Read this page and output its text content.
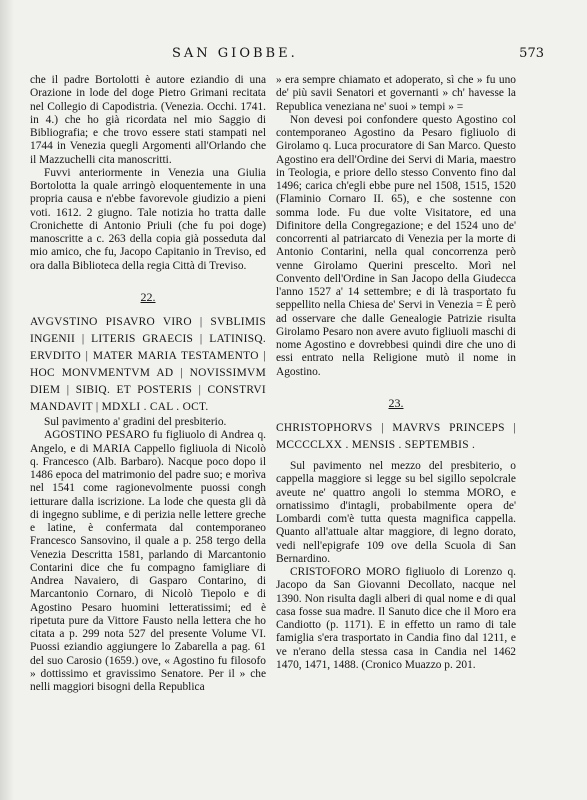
SAN GIOBBE.	573

che il padre Bortolotti è autore eziandio di una Orazione in lode del doge Pietro Grimani recitata nel Collegio di Capodistria. (Venezia. Occhi. 1741. in 4.) che ho già ricordata nel mio Saggio di Bibliografia; e che trovo essere stati stampati nel 1744 in Venezia quegli Argomenti all'Orlando che il Mazzuchelli cita manoscritti.

Fuvvi anteriormente in Venezia una Giulia Bortolotta la quale arringò eloquentemente in una propria causa e n'ebbe favorevole giudizio a pieni voti. 1612. 2 giugno. Tale notizia ho tratta dalle Cronichette di Antonio Priuli (che fu poi doge) manoscritte a c. 263 della copia già posseduta dal mio amico, che fu, Jacopo Capitanio in Treviso, ed ora dalla Biblioteca della regia Città di Treviso.

22.

AVGVSTINO PISAVRO VIRO | SVBLIMIS INGENII | LITERIS GRAECIS | LATINISQ. ERVDITO | MATER MARIA TESTAMENTO | HOC MONVMENTVM AD | NOVISSIMVM DIEM | SIBIQ. ET POSTERIS | CONSTRVI MANDAVIT | MDXLI . CAL . OCT.

Sul pavimento a' gradini del presbiterio.

AGOSTINO PESARO fu figliuolo di Andrea q. Angelo, e di MARIA Cappello figliuola di Nicolò q. Francesco (Alb. Barbaro). Nacque poco dopo il 1486 epoca del matrimonio del padre suo; e morìva nel 1541 come ragionevolmente puossi congh ietturare dalla iscrizione. La lode che questa gli dà di ingegno sublime, e di perizia nelle lettere greche e latine, è confermata dal contemporaneo Francesco Sansovino, il quale a p. 258 tergo della Venezia Descritta 1581, parlando di Marcantonio Contarini dice che fu compagno famigliare di Andrea Navaiero, di Gasparo Contarino, di Marcantonio Cornaro, di Nicolò Tiepolo e di Agostino Pesaro huomini letteratissimi; ed è ripetuta pure da Vittore Fausto nella lettera che ho citata a p. 299 nota 527 del presente Volume VI. Puossi eziandio aggiungere lo Zabarella a pag. 61 del suo Carosio (1659.) ove, « Agostino fu filosofo » dottissimo et gravissimo Senatore. Per il » che nelli maggiori bisogni della Republica

» era sempre chiamato et adoperato, sì che » fu uno de' più savii Senatori et governanti » ch' havesse la Republica veneziana ne' suoi » tempi » =

Non devesi poi confondere questo Agostino col contemporaneo Agostino da Pesaro figliuolo di Girolamo q. Luca procuratore di San Marco. Questo Agostino era dell'Ordine dei Servi di Maria, maestro in Teologia, e priore dello stesso Convento fino dal 1496; carica ch'egli ebbe pure nel 1508, 1515, 1520 (Flaminio Cornaro II. 65), e che sostenne con somma lode. Fu due volte Visitatore, ed una Difinitore della Congregazione; e del 1524 uno de' concorrenti al patriarcato di Venezia per la morte di Antonio Contarini, nella qual concorrenza però venne Girolamo Querini prescelto. Morì nel Convento dell'Ordine in San Jacopo della Giudecca l'anno 1527 a' 14 settembre; e di là trasportato fu seppellito nella Chiesa de' Servi in Venezia = È però ad osservare che dalle Genealogie Patrizie risulta Girolamo Pesaro non avere avuto figliuoli maschi di nome Agostino e dovrebbesi quindi dire che uno di essi entrato nella Religione mutò il nome in Agostino.

23.

CHRISTOPHORVS | MAVRVS PRINCEPS | MCCCCLXX . MENSIS . SEPTEMBIS .

Sul pavimento nel mezzo del presbiterio, o cappella maggiore si legge su bel sigillo sepolcrale aveute ne' quattro angoli lo stemma MORO, e ornatissimo d'intagli, probabilmente opera de' Lombardi com'è tutta questa magnifica cappella. Quanto all'attuale altar maggiore, di legno dorato, vedi nell'epigrafe 109 ove della Scuola di San Bernardino.

CRISTOFORO MORO figliuolo di Lorenzo q. Jacopo da San Giovanni Decollato, nacque nel 1390. Non risulta dagli alberi di qual nome e di qual casa fosse sua madre. Il Sanuto dice che il Moro era Candiotto (p. 1171). E in effetto un ramo di tale famiglia s'era trasportato in Candia fino dal 1211, e ve n'erano della stessa casa in Candia nel 1462 1470, 1471, 1488. (Cronico Muazzo p. 201.
